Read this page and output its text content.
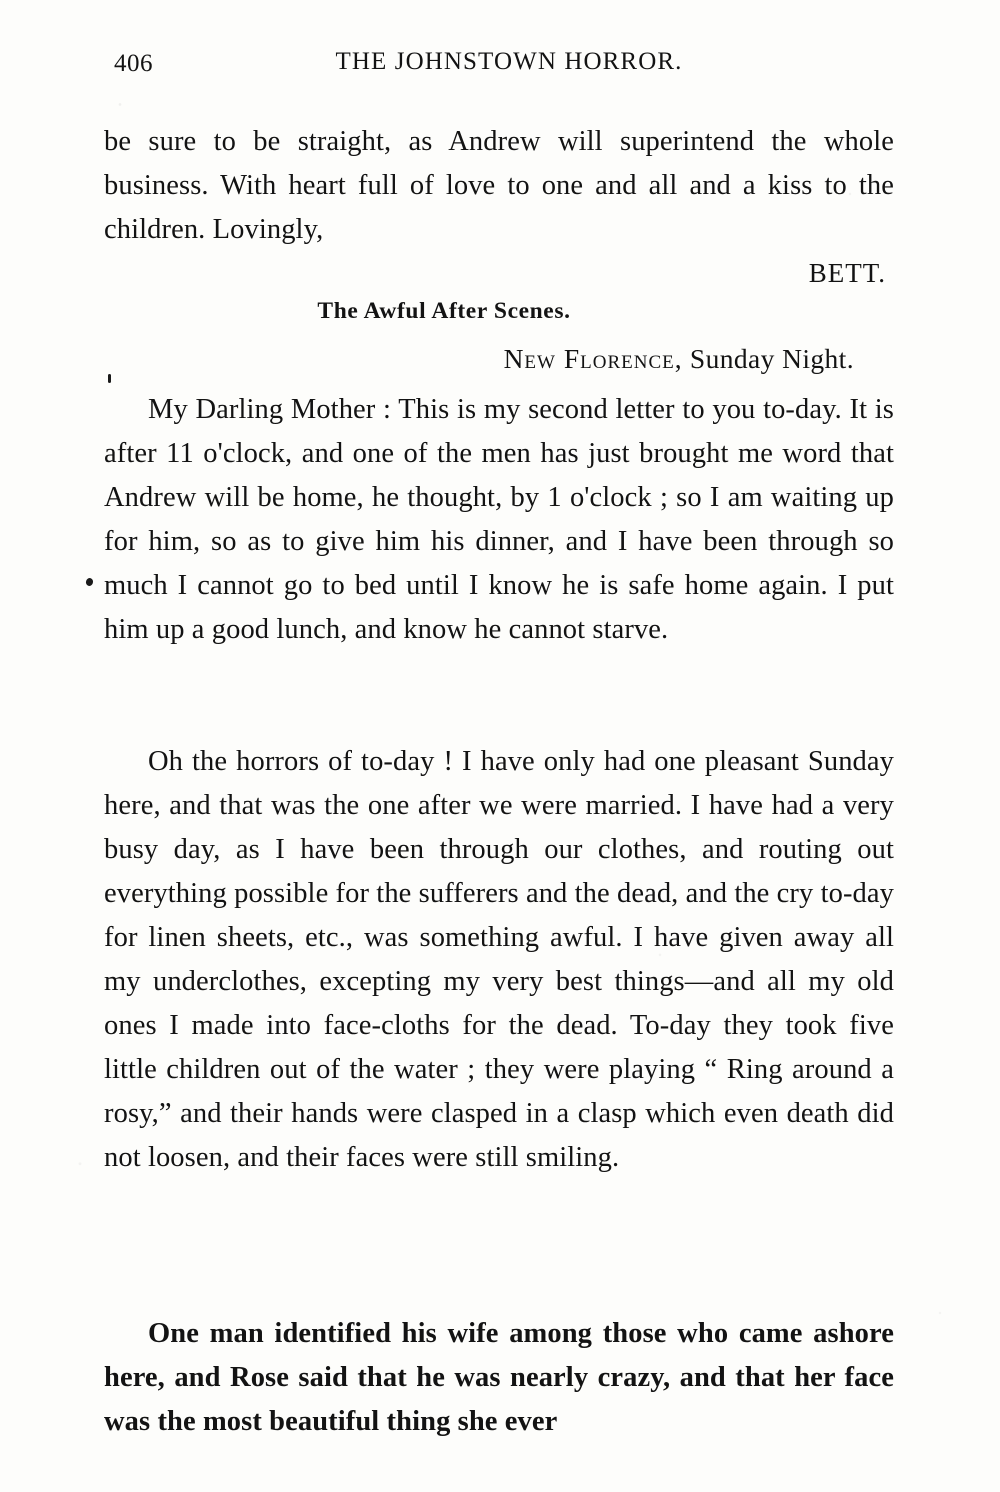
406	THE JOHNSTOWN HORROR.

be sure to be straight, as Andrew will superintend the whole business. With heart full of love to one and all and a kiss to the children. Lovingly,

BETT.
The Awful After Scenes.
New Florence, Sunday Night.

My Darling Mother : This is my second letter to you to-day. It is after 11 o'clock, and one of the men has just brought me word that Andrew will be home, he thought, by 1 o'clock ; so I am waiting up for him, so as to give him his dinner, and I have been through so much I cannot go to bed until I know he is safe home again. I put him up a good lunch, and know he cannot starve.

Oh the horrors of to-day ! I have only had one pleasant Sunday here, and that was the one after we were married. I have had a very busy day, as I have been through our clothes, and routing out everything possible for the sufferers and the dead, and the cry to-day for linen sheets, etc., was something awful. I have given away all my underclothes, excepting my very best things—and all my old ones I made into face-cloths for the dead. To-day they took five little children out of the water ; they were playing “ Ring around a rosy,” and their hands were clasped in a clasp which even death did not loosen, and their faces were still smiling.

One man identified his wife among those who came ashore here, and Rose said that he was nearly crazy, and that her face was the most beautiful thing she ever
